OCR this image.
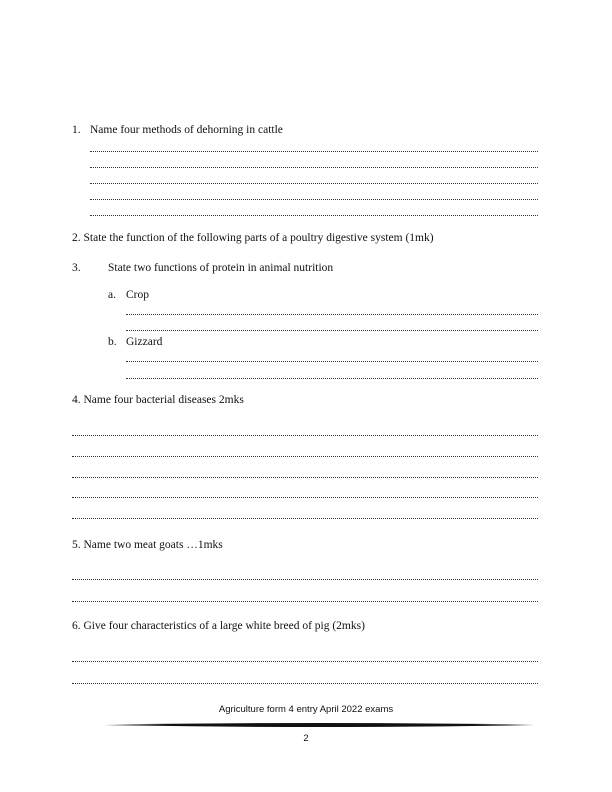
1. Name four methods of dehorning in cattle
2. State the function of the following parts of a poultry digestive system (1mk)
3. State two functions of protein in animal nutrition
a. Crop
b. Gizzard
4. Name four bacterial diseases 2mks
5. Name two meat goats …1mks
6. Give four characteristics of a large white breed of pig (2mks)
Agriculture form 4 entry April 2022 exams
2
